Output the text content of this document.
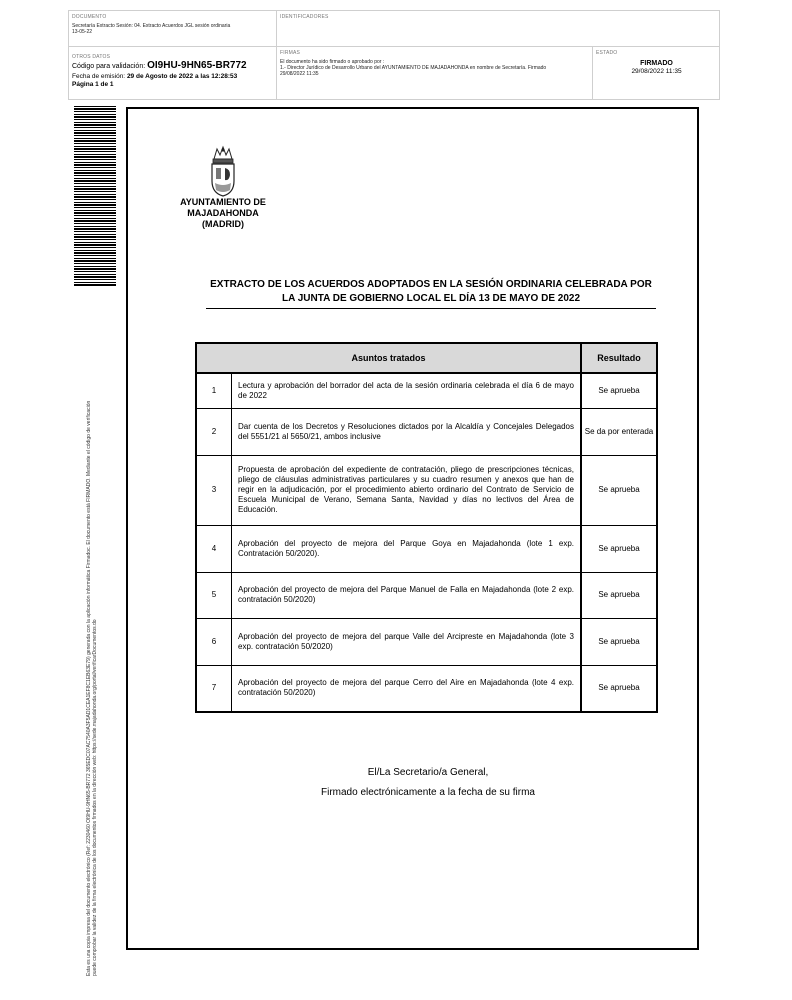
DOCUMENTO
Secretaría Extracto Sesión: 04. Extracto Acuerdos JGL sesión ordinaria 13-05-22
IDENTIFICADORES
OTROS DATOS
Código para validación: OI9HU-9HN65-BR772
Fecha de emisión: 29 de Agosto de 2022 a las 12:28:53
Página 1 de 1
FIRMAS
El documento ha sido firmado o aprobado por :
1.- Director Jurídico de Desarrollo Urbano del AYUNTAMIENTO DE MAJADAHONDA en nombre de Secretaría. Firmado
29/08/2022 11:35
ESTADO
FIRMADO
29/08/2022 11:35
Esta es una copia impresa del documento electrónico (Ref: 2230460 OI9HU-9HN65-BR772 365EDC07AC7540A3F5AD1CEA1EF8C1EB63E79) generada con la aplicación informática Firmadoc. El documento está FIRMADO. Mediante el código de verificación puede comprobar la validez de la firma electrónica de los documentos firmados en la dirección web: https://sede.majadahonda.org/portal/verificarDocumentos.do
AYUNTAMIENTO DE
MAJADAHONDA
(MADRID)
EXTRACTO DE LOS ACUERDOS ADOPTADOS EN LA SESIÓN ORDINARIA CELEBRADA POR LA JUNTA DE GOBIERNO LOCAL EL DÍA 13 DE MAYO DE 2022
Asuntos tratados		Resultado
1	Lectura y aprobación del borrador del acta de la sesión ordinaria celebrada el día 6 de mayo de 2022	Se aprueba
2	Dar cuenta de los Decretos y Resoluciones dictados por la Alcaldía y Concejales Delegados del 5551/21 al 5650/21, ambos inclusive	Se da por enterada
3	Propuesta de aprobación del expediente de contratación, pliego de prescripciones técnicas, pliego de cláusulas administrativas particulares y su cuadro resumen y anexos que han de regir en la adjudicación, por el procedimiento abierto ordinario del Contrato de Servicio de Escuela Municipal de Verano, Semana Santa, Navidad y días no lectivos del Área de Educación.	Se aprueba
4	Aprobación del proyecto de mejora del Parque Goya en Majadahonda (lote 1 exp. Contratación 50/2020).	Se aprueba
5	Aprobación del proyecto de mejora del Parque Manuel de Falla en Majadahonda (lote 2 exp. contratación 50/2020)	Se aprueba
6	Aprobación del proyecto de mejora del parque Valle del Arcipreste en Majadahonda (lote 3 exp. contratación 50/2020)	Se aprueba
7	Aprobación del proyecto de mejora del parque Cerro del Aire en Majadahonda (lote 4 exp. contratación 50/2020)	Se aprueba
El/La Secretario/a General,
Firmado electrónicamente a la fecha de su firma
